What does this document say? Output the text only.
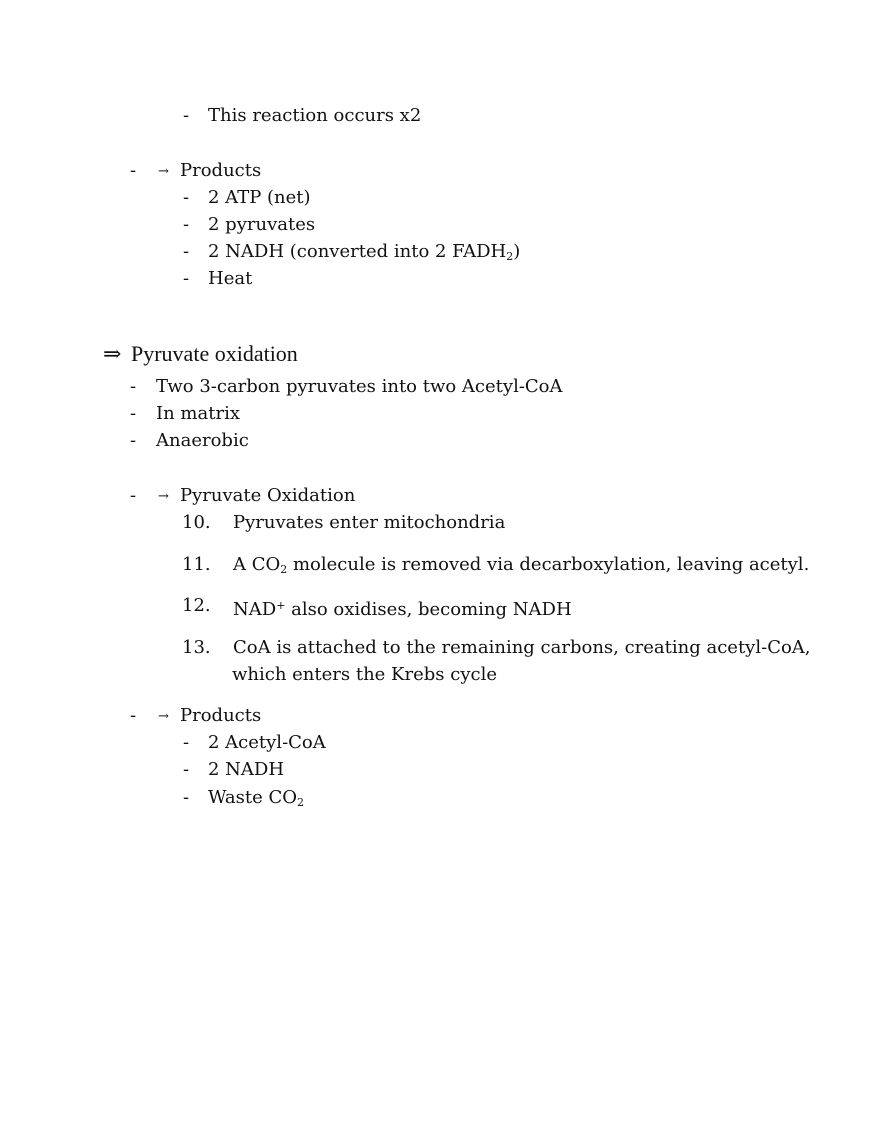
- This reaction occurs x2
- → Products
- 2 ATP (net)
- 2 pyruvates
- 2 NADH (converted into 2 $FADH_2$)
- Heat
⇒ Pyruvate oxidation
- Two 3-carbon pyruvates into two Acetyl-CoA
- In matrix
- Anaerobic
- → Pyruvate Oxidation
10. Pyruvates enter mitochondria
11. A $CO_2$ molecule is removed via decarboxylation, leaving acetyl.
12. NAD+ also oxidises, becoming NADH
13. CoA is attached to the remaining carbons, creating acetyl-CoA,
which enters the Krebs cycle
- → Products
- 2 Acetyl-CoA
- 2 NADH
- Waste $CO_2$
